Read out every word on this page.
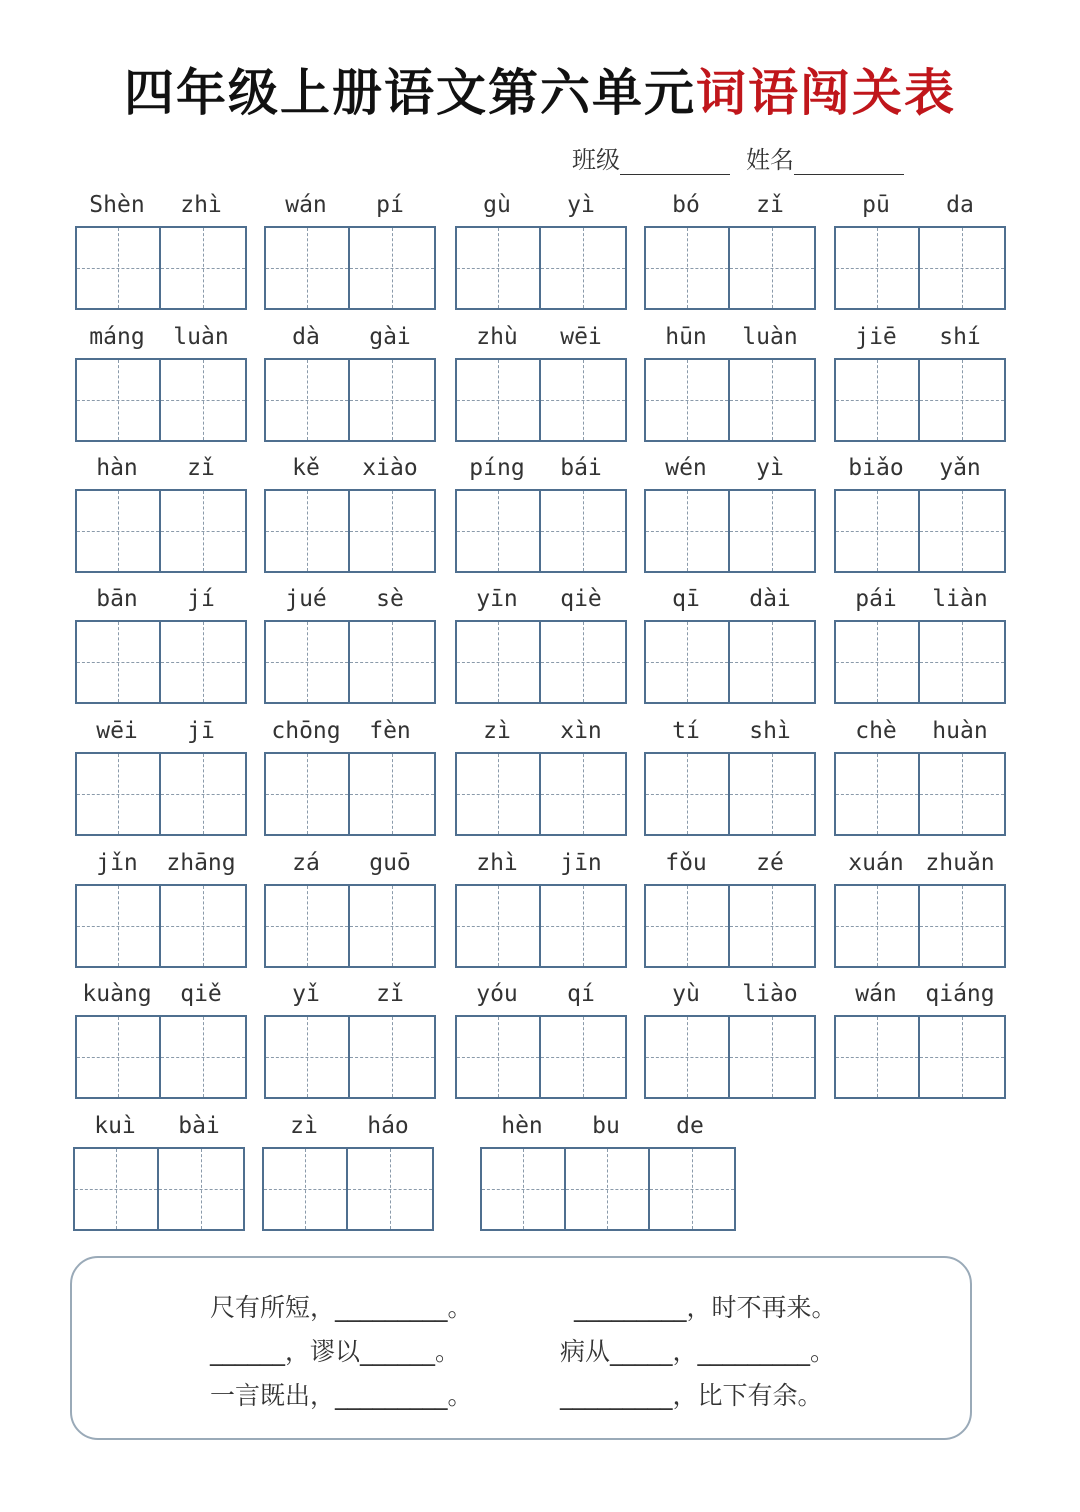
四年级上册语文第六单元词语闯关表
班级	姓名
Shèn	zhì	wán	pí	gù	yì	bó	zǐ	pū	da
máng	luàn	dà	gài	zhù	wēi	hūn	luàn	jiē	shí
hàn	zǐ	kě	xiào	píng	bái	wén	yì	biǎo	yǎn
bān	jí	jué	sè	yīn	qiè	qī	dài	pái	liàn
wēi	jī	chōng	fèn	zì	xìn	tí	shì	chè	huàn
jǐn	zhāng	zá	guō	zhì	jīn	fǒu	zé	xuán zhuǎn
kuàng	qiě	yǐ	zǐ	yóu	qí	yù	liào	wán	qiáng
kuì	bài	zì	háo	hèn	bu	de
尺有所短，_________。	_________，时不再来。
______，谬以______。	病从_____，_________。
一言既出，_________。	_________，比下有余。
